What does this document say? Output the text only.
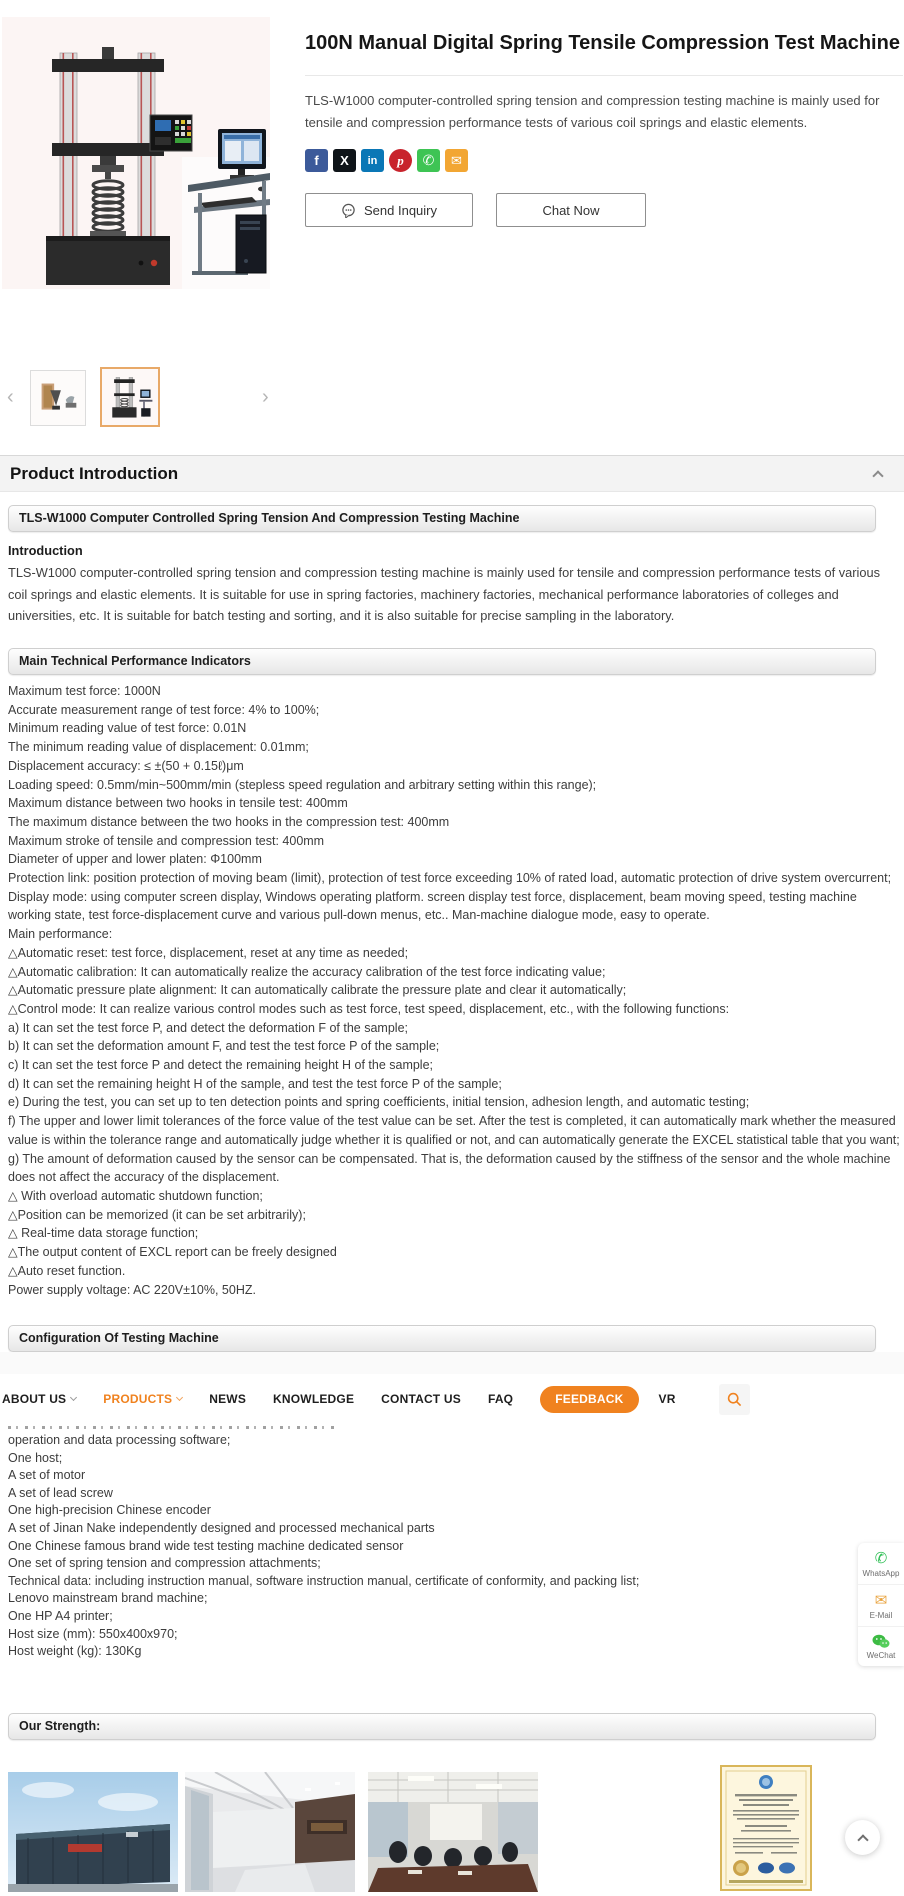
100N Manual Digital Spring Tensile Compression Test Machine

TLS-W1000 computer-controlled spring tension and compression testing machine is mainly used for tensile and compression performance tests of various coil springs and elastic elements.

f	X	in	p	✆	✉
Send Inquiry	Chat Now
‹	›
Product Introduction
TLS-W1000 Computer Controlled Spring Tension And Compression Testing Machine
Introduction

TLS-W1000 computer-controlled spring tension and compression testing machine is mainly used for tensile and compression performance tests of various coil springs and elastic elements. It is suitable for use in spring factories, machinery factories, mechanical performance laboratories of colleges and universities, etc. It is suitable for batch testing and sorting, and it is also suitable for precise sampling in the laboratory.

Main Technical Performance Indicators
Maximum test force: 1000N
Accurate measurement range of test force: 4% to 100%;
Minimum reading value of test force: 0.01N
The minimum reading value of displacement: 0.01mm;
Displacement accuracy: ≤ ±(50 + 0.15ℓ)μm
Loading speed: 0.5mm/min~500mm/min (stepless speed regulation and arbitrary setting within this range);
Maximum distance between two hooks in tensile test: 400mm
The maximum distance between the two hooks in the compression test: 400mm
Maximum stroke of tensile and compression test: 400mm
Diameter of upper and lower platen: Φ100mm
Protection link: position protection of moving beam (limit), protection of test force exceeding 10% of rated load, automatic protection of drive system overcurrent;
Display mode: using computer screen display, Windows operating platform. screen display test force, displacement, beam moving speed, testing machine working state, test force-displacement curve and various pull-down menus, etc.. Man-machine dialogue mode, easy to operate.
Main performance:
△Automatic reset: test force, displacement, reset at any time as needed;
△Automatic calibration: It can automatically realize the accuracy calibration of the test force indicating value;
△Automatic pressure plate alignment: It can automatically calibrate the pressure plate and clear it automatically;
△Control mode: It can realize various control modes such as test force, test speed, displacement, etc., with the following functions:
a) It can set the test force P, and detect the deformation F of the sample;
b) It can set the deformation amount F, and test the test force P of the sample;
c) It can set the test force P and detect the remaining height H of the sample;
d) It can set the remaining height H of the sample, and test the test force P of the sample;
e) During the test, you can set up to ten detection points and spring coefficients, initial tension, adhesion length, and automatic testing;
f) The upper and lower limit tolerances of the force value of the test value can be set. After the test is completed, it can automatically mark whether the measured value is within the tolerance range and automatically judge whether it is qualified or not, and can automatically generate the EXCEL statistical table that you want;
g) The amount of deformation caused by the sensor can be compensated. That is, the deformation caused by the stiffness of the sensor and the whole machine does not affect the accuracy of the displacement.
△ With overload automatic shutdown function;
△Position can be memorized (it can be set arbitrarily);
△ Real-time data storage function;
△The output content of EXCL report can be freely designed
△Auto reset function.
Power supply voltage: AC 220V±10%, 50HZ.
Configuration Of Testing Machine
ABOUT US	PRODUCTS	NEWS KNOWLEDGE CONTACT US FAQ	FEEDBACK	VR
operation and data processing software;
One host;
A set of motor
A set of lead screw
One high-precision Chinese encoder
A set of Jinan Nake independently designed and processed mechanical parts
One Chinese famous brand wide test testing machine dedicated sensor
One set of spring tension and compression attachments;
Technical data: including instruction manual, software instruction manual, certificate of conformity, and packing list;
Lenovo mainstream brand machine;
One HP A4 printer;
Host size (mm): 550x400x970;
Host weight (kg): 130Kg
✆
WhatsApp
✉
E-Mail
WeChat
Our Strength:
